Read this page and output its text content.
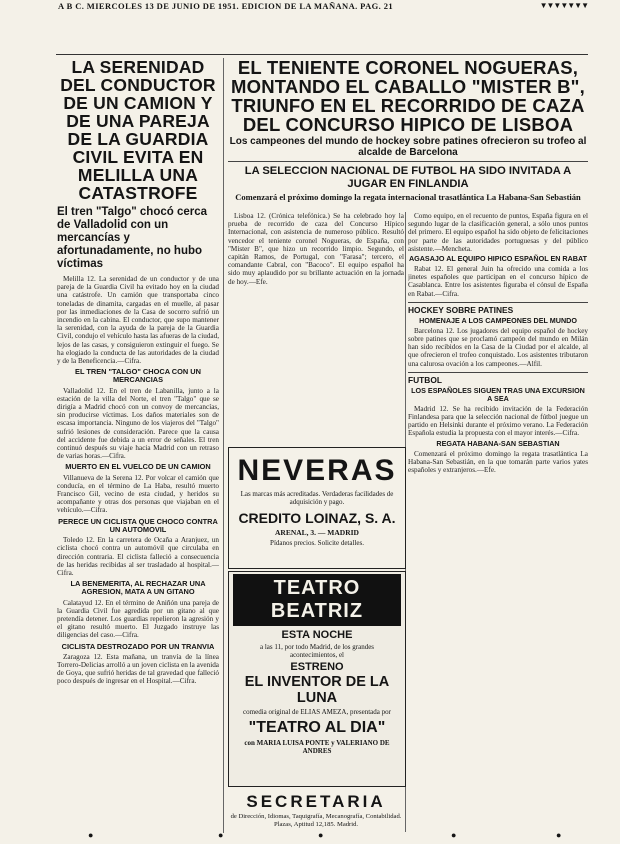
A B C. MIERCOLES 13 DE JUNIO DE 1951. EDICION DE LA MAÑANA. PAG. 21	▼▼▼▼▼▼▼
LA SERENIDAD DEL CONDUCTOR DE UN CAMION Y DE UNA PAREJA DE LA GUARDIA CIVIL EVITA EN MELILLA UNA CATASTROFE
El tren "Talgo" chocó cerca de Valladolid con un mercancías y afortunadamente, no hubo víctimas

Melilla 12. La serenidad de un conductor y de una pareja de la Guardia Civil ha evitado hoy en la ciudad una catástrofe. Un camión que transportaba cinco toneladas de dinamita, cargadas en el muelle, al pasar por las inmediaciones de la Casa de socorro sufrió un incendio en la cabina. El conductor, que supo mantener la serenidad, con la ayuda de la pareja de la Guardia Civil, condujo el vehículo hasta las afueras de la ciudad, lejos de las casas, y consiguieron extinguir el fuego. Se ha elogiado la conducta de las autoridades de la ciudad y de la Beneficencia.—Cifra.

EL TREN "TALGO" CHOCA CON UN MERCANCIAS

Valladolid 12. En el tren de Labanilla, junto a la estación de la villa del Norte, el tren "Talgo" que se dirigía a Madrid chocó con un convoy de mercancías, sin producirse víctimas. Los daños materiales son de escasa importancia. Ninguno de los viajeros del "Talgo" sufrió lesiones de consideración. Parece que la causa del accidente fue debida a un error de señales. El tren continuó después su viaje hacia Madrid con un retraso de varias horas.—Cifra.

MUERTO EN EL VUELCO DE UN CAMION

Villanueva de la Serena 12. Por volcar el camión que conducía, en el término de La Haba, resultó muerto Francisco Gil, vecino de esta ciudad, y heridos su acompañante y otras dos personas que viajaban en el vehículo.—Cifra.

PERECE UN CICLISTA QUE CHOCO CONTRA UN AUTOMOVIL

Toledo 12. En la carretera de Ocaña a Aranjuez, un ciclista chocó contra un automóvil que circulaba en dirección contraria. El ciclista falleció a consecuencia de las heridas recibidas al ser trasladado al hospital.—Cifra.

LA BENEMERITA, AL RECHAZAR UNA AGRESION, MATA A UN GITANO

Calatayud 12. En el término de Aniñón una pareja de la Guardia Civil fue agredida por un gitano al que pretendía detener. Los guardias repelieron la agresión y el gitano resultó muerto. El Juzgado instruye las diligencias del caso.—Cifra.

CICLISTA DESTROZADO POR UN TRANVIA

Zaragoza 12. Esta mañana, un tranvía de la línea Torrero-Delicias arrolló a un joven ciclista en la avenida de Goya, que sufrió heridas de tal gravedad que falleció poco después de ingresar en el Hospital.—Cifra.

EL TENIENTE CORONEL NOGUERAS, MONTANDO EL CABALLO "MISTER B", TRIUNFO EN EL RECORRIDO DE CAZA DEL CONCURSO HIPICO DE LISBOA
Los campeones del mundo de hockey sobre patines ofrecieron su trofeo al alcalde de Barcelona
LA SELECCION NACIONAL DE FUTBOL HA SIDO INVITADA A JUGAR EN FINLANDIA
Comenzará el próximo domingo la regata internacional trasatlántica La Habana-San Sebastián

Lisboa 12. (Crónica telefónica.) Se ha celebrado hoy la prueba de recorrido de caza del Concurso Hípico Internacional, con asistencia de numeroso público. Resultó vencedor el teniente coronel Nogueras, de España, con "Mister B", que hizo un recorrido limpio. Segundo, el capitán Ramos, de Portugal, con "Farasa"; tercero, el comandante Cabral, con "Bacoco". El equipo español ha sido muy aplaudido por su brillante actuación en la jornada de hoy.—Efe.

Como equipo, en el recuento de puntos, España figura en el segundo lugar de la clasificación general, a sólo unos puntos del primero. El equipo español ha sido objeto de felicitaciones por parte de las autoridades portuguesas y del público asistente.—Mencheta.

AGASAJO AL EQUIPO HIPICO ESPAÑOL EN RABAT

Rabat 12. El general Juin ha ofrecido una comida a los jinetes españoles que participan en el concurso hípico de Casablanca. Entre los asistentes figuraba el cónsul de España en Rabat.—Cifra.

HOCKEY SOBRE PATINES
HOMENAJE A LOS CAMPEONES DEL MUNDO

Barcelona 12. Los jugadores del equipo español de hockey sobre patines que se proclamó campeón del mundo en Milán han sido recibidos en la Casa de la Ciudad por el alcalde, al que ofrecieron el trofeo conquistado. Los asistentes tributaron una calurosa ovación a los campeones.—Alfil.

FUTBOL
LOS ESPAÑOLES SIGUEN TRAS UNA EXCURSION A SEA

Madrid 12. Se ha recibido invitación de la Federación Finlandesa para que la selección nacional de fútbol juegue un partido en Helsinki durante el próximo verano. La Federación Española estudia la propuesta con el mayor interés.—Cifra.

REGATA HABANA-SAN SEBASTIAN

Comenzará el próximo domingo la regata trasatlántica La Habana-San Sebastián, en la que tomarán parte varios yates españoles y extranjeros.—Efe.

NEVERAS
Las marcas más acreditadas. Verdaderas facilidades de adquisición y pago.
CREDITO LOINAZ, S. A.
ARENAL, 3. — MADRID
Pídanos precios. Solicite detalles.
TEATRO BEATRIZ
ESTA NOCHE
a las 11, por todo Madrid, de los grandes acontecimientos, el
ESTRENO
EL INVENTOR DE LA LUNA
comedia original de ELIAS AMEZA, presentada por
"TEATRO AL DIA"
con MARIA LUISA PONTE y VALERIANO DE ANDRES
SECRETARIA
de Dirección, Idiomas, Taquigrafía, Mecanografía, Contabilidad. Plazas, Aptitud 12,185. Madrid.
●	●	●	●	●
